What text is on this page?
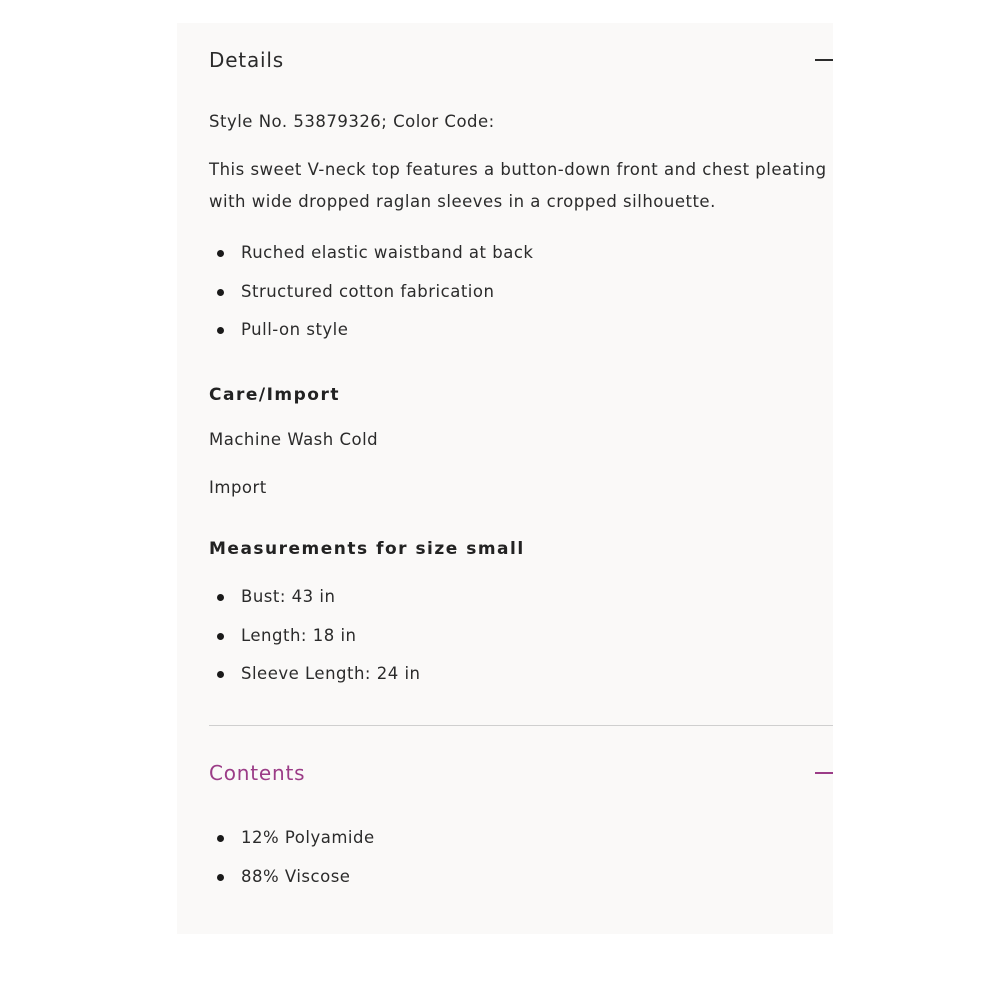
Details

Style No. 53879326; Color Code:

This sweet V-neck top features a button-down front and chest pleating with wide dropped raglan sleeves in a cropped silhouette.

Ruched elastic waistband at back
Structured cotton fabrication
Pull-on style

Care/Import

Machine Wash Cold

Import

Measurements for size small

Bust: 43 in
Length: 18 in
Sleeve Length: 24 in
Contents
12% Polyamide
88% Viscose
